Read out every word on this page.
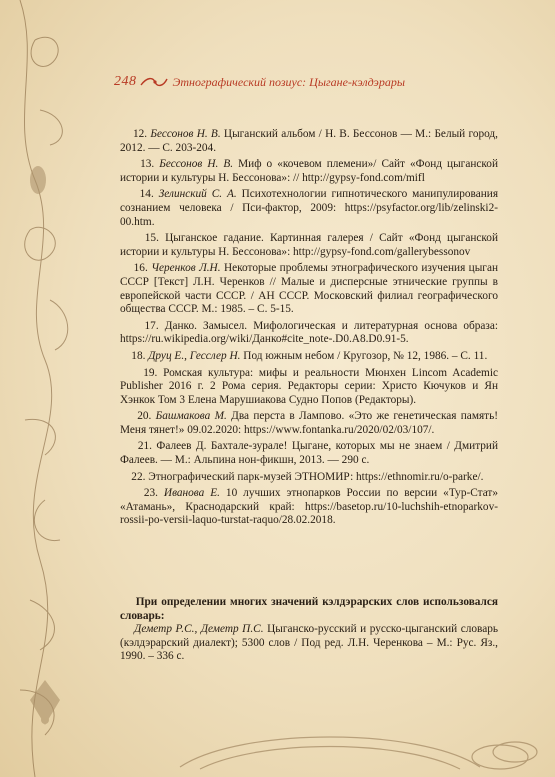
248	Этнографический позиус: Цыгане-кэлдэрары

12. Бессонов Н. В. Цыганский альбом / Н. В. Бессонов — М.: Белый город, 2012. — С. 203-204.

13. Бессонов Н. В. Миф о «кочевом племени»/ Сайт «Фонд цыганской истории и культуры Н. Бессонова»: // http://gypsy-fond.com/mifl

14. Зелинский С. А. Психотехнологии гипнотического манипулирования сознанием человека / Пси-фактор, 2009: https://psyfactor.org/lib/zelinski2-00.htm.

15. Цыганское гадание. Картинная галерея / Сайт «Фонд цыганской истории и культуры Н. Бессонова»: http://gypsy-fond.com/gallerybessonov

16. Черенков Л.Н. Некоторые проблемы этнографического изучения цыган СССР [Текст] Л.Н. Черенков // Малые и дисперсные этнические группы в европейской части СССР. / АН СССР. Московский филиал географического общества СССР. М.: 1985. – С. 5-15.

17. Данко. Замысел. Мифологическая и литературная основа образа: https://ru.wikipedia.org/wiki/Данко#cite_note-.D0.A8.D0.91-5.

18. Друц Е., Гесслер Н. Под южным небом / Кругозор, № 12, 1986. – С. 11.

19. Ромская культура: мифы и реальности Мюнхен Lincom Academic Publisher 2016 г. 2 Рома серия. Редакторы серии: Христо Кючуков и Ян Хэнкок Том 3 Елена Марушиакова Судно Попов (Редакторы).

20. Башмакова М. Два перста в Лампово. «Это же генетическая память! Меня тянет!» 09.02.2020: https://www.fontanka.ru/2020/02/03/107/.

21. Фалеев Д. Бахтале-зурале! Цыгане, которых мы не знаем / Дмитрий Фалеев. — М.: Альпина нон-фикшн, 2013. — 290 с.

22. Этнографический парк-музей ЭТНОМИР: https://ethnomir.ru/o-parke/.

23. Иванова Е. 10 лучших этнопарков России по версии «Тур-Стат» «Атамань», Краснодарский край: https://basetop.ru/10-luchshih-etnoparkov-rossii-po-versii-laquo-turstat-raquo/28.02.2018.

При определении многих значений кэлдэрарских слов использовался словарь:

Деметр Р.С., Деметр П.С. Цыганско-русский и русско-цыганский словарь (кэлдэрарский диалект); 5300 слов / Под ред. Л.Н. Черенкова – М.: Рус. Яз., 1990. – 336 с.
